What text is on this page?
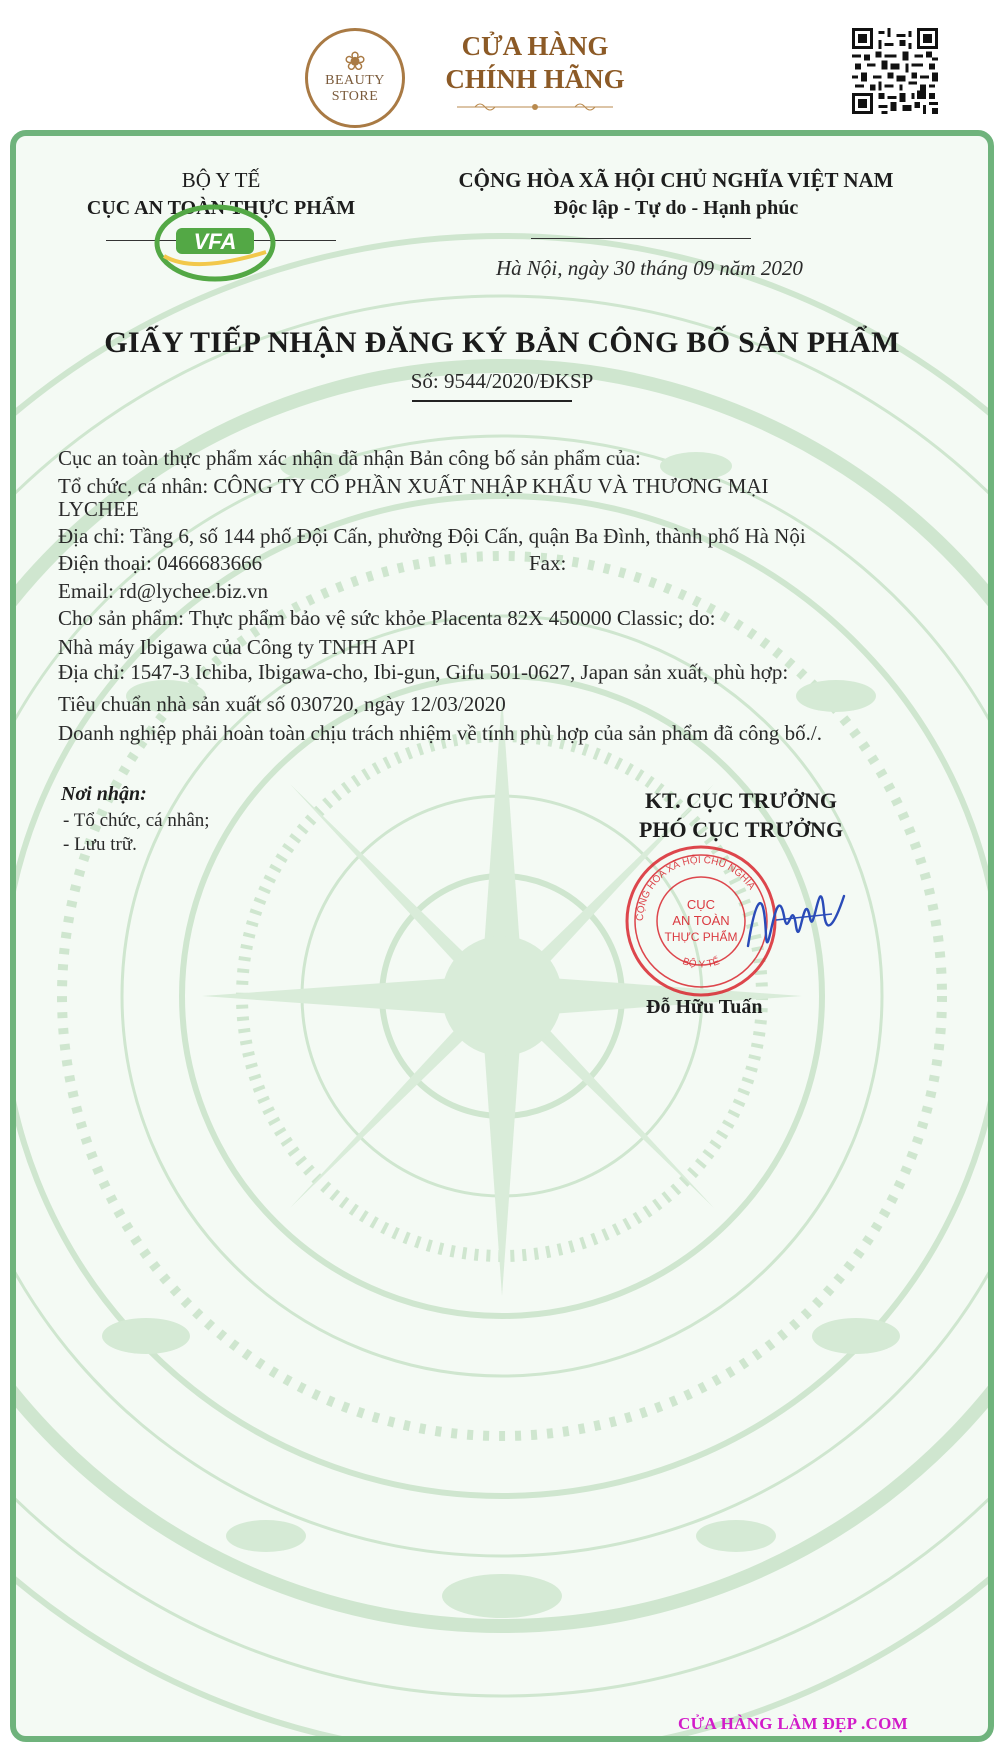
❀
BEAUTY
STORE
CỬA HÀNG
CHÍNH HÃNG
BỘ Y TẾ
CỤC AN TOÀN THỰC PHẨM
VFA
CỘNG HÒA XÃ HỘI CHỦ NGHĨA VIỆT NAM
Độc lập - Tự do - Hạnh phúc
Hà Nội, ngày 30 tháng 09 năm 2020
GIẤY TIẾP NHẬN ĐĂNG KÝ BẢN CÔNG BỐ SẢN PHẨM
Số: 9544/2020/ĐKSP
Cục an toàn thực phẩm xác nhận đã nhận Bản công bố sản phẩm của:
Tổ chức, cá nhân: CÔNG TY CỔ PHẦN XUẤT NHẬP KHẨU VÀ THƯƠNG MẠI
LYCHEE
Địa chỉ: Tầng 6, số 144 phố Đội Cấn, phường Đội Cấn, quận Ba Đình, thành phố Hà Nội
Điện thoại: 0466683666	Fax:
Email: rd@lychee.biz.vn
Cho sản phẩm: Thực phẩm bảo vệ sức khỏe Placenta 82X 450000 Classic; do:
Nhà máy Ibigawa của Công ty TNHH API
Địa chỉ: 1547-3 Ichiba, Ibigawa-cho, Ibi-gun, Gifu 501-0627, Japan sản xuất, phù hợp:
Tiêu chuẩn nhà sản xuất số 030720, ngày 12/03/2020
Doanh nghiệp phải hoàn toàn chịu trách nhiệm về tính phù hợp của sản phẩm đã công bố./.
Nơi nhận:
- Tổ chức, cá nhân;
- Lưu trữ.
KT. CỤC TRƯỞNG
PHÓ CỤC TRƯỞNG
CỘNG HÒA XÃ HỘI CHỦ NGHĨA
BỘ Y TẾ
CỤC
AN TOÀN
THỰC PHẨM
Đỗ Hữu Tuấn
CỬA HÀNG LÀM ĐẸP .COM
